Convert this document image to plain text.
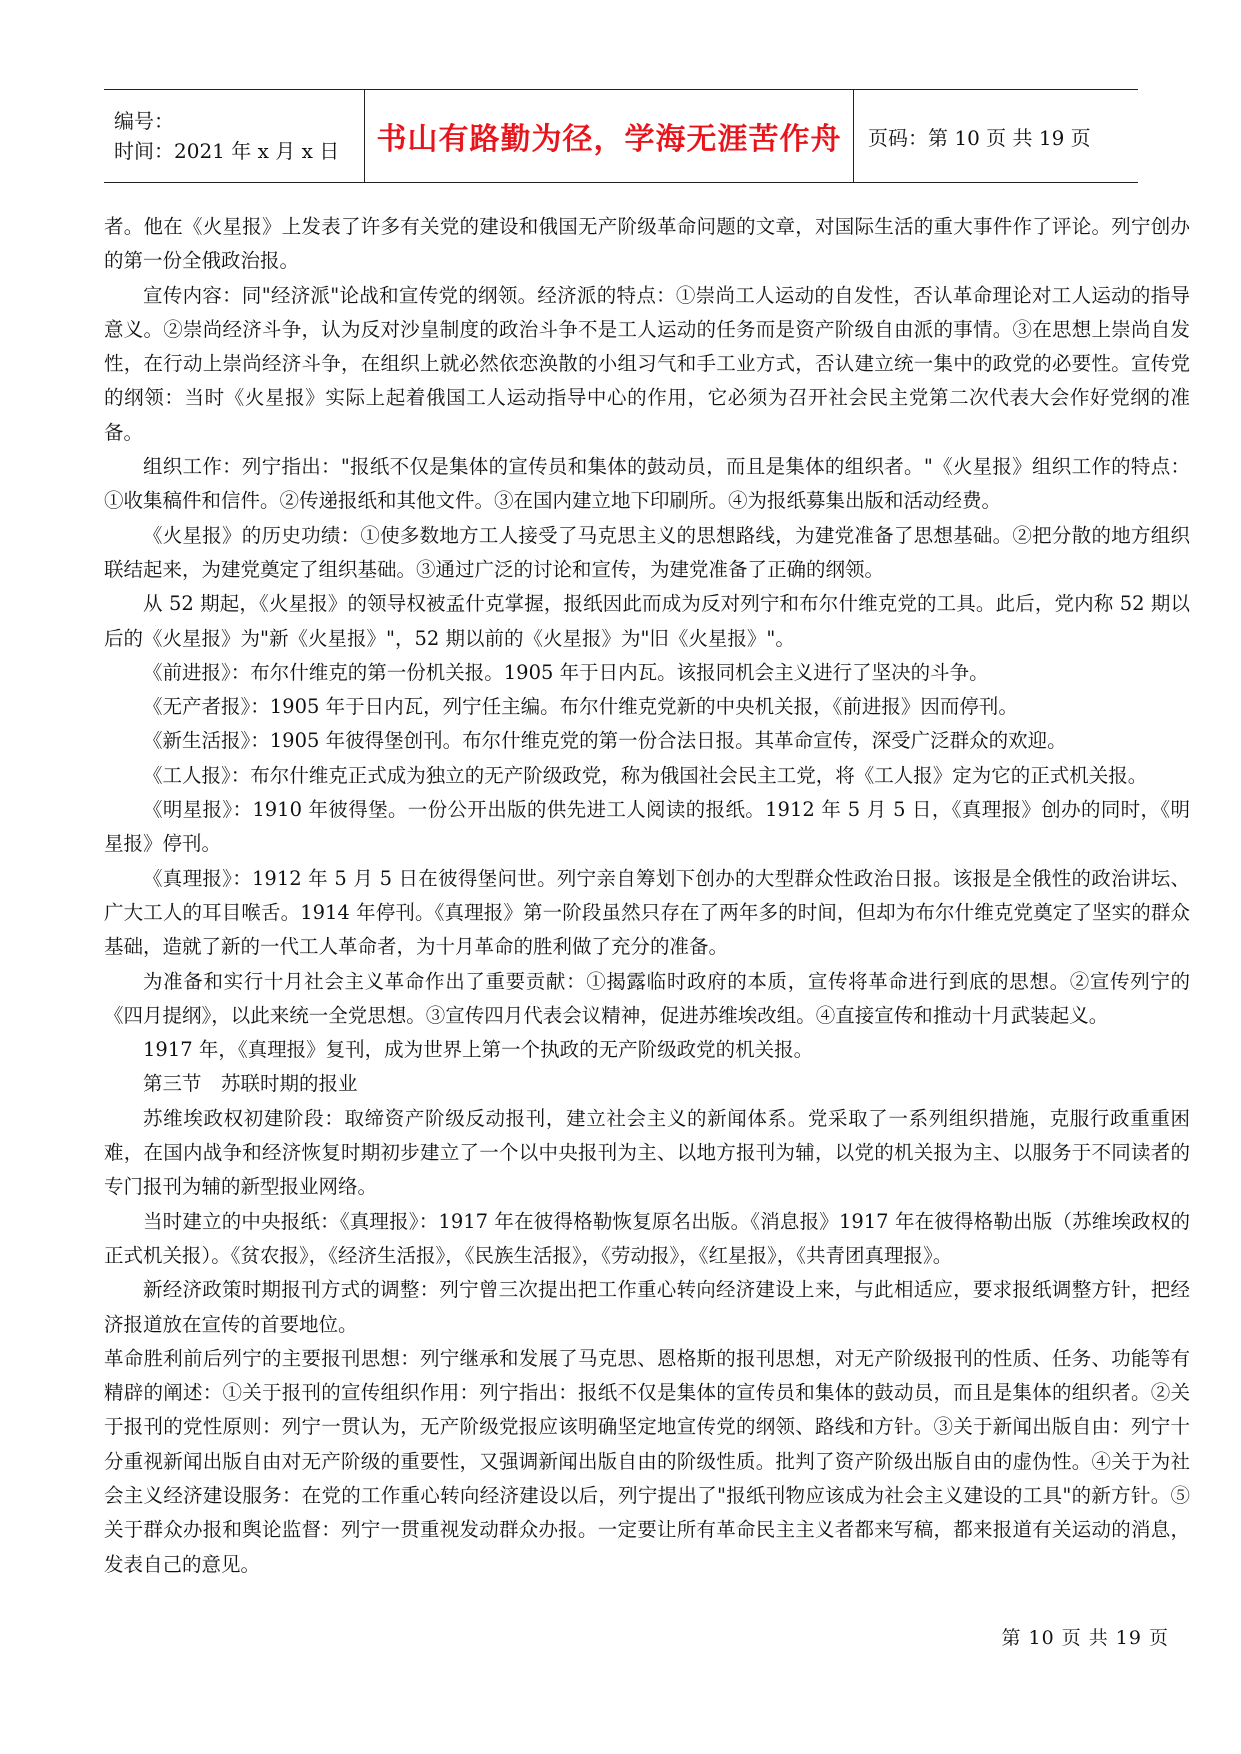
编号：
时间：2021 年 x 月 x 日	书山有路勤为径，学海无涯苦作舟 页码：第 10 页 共 19 页

者。他在《火星报》上发表了许多有关党的建设和俄国无产阶级革命问题的文章，对国际生活的重大事件作了评论。列宁创办的第一份全俄政治报。

宣传内容：同"经济派"论战和宣传党的纲领。经济派的特点：①崇尚工人运动的自发性，否认革命理论对工人运动的指导意义。②崇尚经济斗争，认为反对沙皇制度的政治斗争不是工人运动的任务而是资产阶级自由派的事情。③在思想上崇尚自发性，在行动上崇尚经济斗争，在组织上就必然依恋涣散的小组习气和手工业方式，否认建立统一集中的政党的必要性。宣传党的纲领：当时《火星报》实际上起着俄国工人运动指导中心的作用，它必须为召开社会民主党第二次代表大会作好党纲的准备。

组织工作：列宁指出："报纸不仅是集体的宣传员和集体的鼓动员，而且是集体的组织者。"《火星报》组织工作的特点：①收集稿件和信件。②传递报纸和其他文件。③在国内建立地下印刷所。④为报纸募集出版和活动经费。

《火星报》的历史功绩：①使多数地方工人接受了马克思主义的思想路线，为建党准备了思想基础。②把分散的地方组织联结起来，为建党奠定了组织基础。③通过广泛的讨论和宣传，为建党准备了正确的纲领。

从 52 期起，《火星报》的领导权被孟什克掌握，报纸因此而成为反对列宁和布尔什维克党的工具。此后，党内称 52 期以后的《火星报》为"新《火星报》"，52 期以前的《火星报》为"旧《火星报》"。

《前进报》：布尔什维克的第一份机关报。1905 年于日内瓦。该报同机会主义进行了坚决的斗争。

《无产者报》：1905 年于日内瓦，列宁任主编。布尔什维克党新的中央机关报，《前进报》因而停刊。

《新生活报》：1905 年彼得堡创刊。布尔什维克党的第一份合法日报。其革命宣传，深受广泛群众的欢迎。

《工人报》：布尔什维克正式成为独立的无产阶级政党，称为俄国社会民主工党，将《工人报》定为它的正式机关报。

《明星报》：1910 年彼得堡。一份公开出版的供先进工人阅读的报纸。1912 年 5 月 5 日，《真理报》创办的同时，《明星报》停刊。

《真理报》：1912 年 5 月 5 日在彼得堡问世。列宁亲自筹划下创办的大型群众性政治日报。该报是全俄性的政治讲坛、广大工人的耳目喉舌。1914 年停刊。《真理报》第一阶段虽然只存在了两年多的时间，但却为布尔什维克党奠定了坚实的群众基础，造就了新的一代工人革命者，为十月革命的胜利做了充分的准备。

为准备和实行十月社会主义革命作出了重要贡献：①揭露临时政府的本质，宣传将革命进行到底的思想。②宣传列宁的《四月提纲》，以此来统一全党思想。③宣传四月代表会议精神，促进苏维埃改组。④直接宣传和推动十月武装起义。

1917 年，《真理报》复刊，成为世界上第一个执政的无产阶级政党的机关报。

第三节　苏联时期的报业

苏维埃政权初建阶段：取缔资产阶级反动报刊，建立社会主义的新闻体系。党采取了一系列组织措施，克服行政重重困难，在国内战争和经济恢复时期初步建立了一个以中央报刊为主、以地方报刊为辅，以党的机关报为主、以服务于不同读者的专门报刊为辅的新型报业网络。

当时建立的中央报纸：《真理报》：1917 年在彼得格勒恢复原名出版。《消息报》1917 年在彼得格勒出版（苏维埃政权的正式机关报）。《贫农报》，《经济生活报》，《民族生活报》，《劳动报》，《红星报》，《共青团真理报》。

新经济政策时期报刊方式的调整：列宁曾三次提出把工作重心转向经济建设上来，与此相适应，要求报纸调整方针，把经济报道放在宣传的首要地位。

革命胜利前后列宁的主要报刊思想：列宁继承和发展了马克思、恩格斯的报刊思想，对无产阶级报刊的性质、任务、功能等有精辟的阐述：①关于报刊的宣传组织作用：列宁指出：报纸不仅是集体的宣传员和集体的鼓动员，而且是集体的组织者。②关于报刊的党性原则：列宁一贯认为，无产阶级党报应该明确坚定地宣传党的纲领、路线和方针。③关于新闻出版自由：列宁十分重视新闻出版自由对无产阶级的重要性，又强调新闻出版自由的阶级性质。批判了资产阶级出版自由的虚伪性。④关于为社会主义经济建设服务：在党的工作重心转向经济建设以后，列宁提出了"报纸刊物应该成为社会主义建设的工具"的新方针。⑤关于群众办报和舆论监督：列宁一贯重视发动群众办报。一定要让所有革命民主主义者都来写稿，都来报道有关运动的消息，发表自己的意见。

第 10 页 共 19 页
